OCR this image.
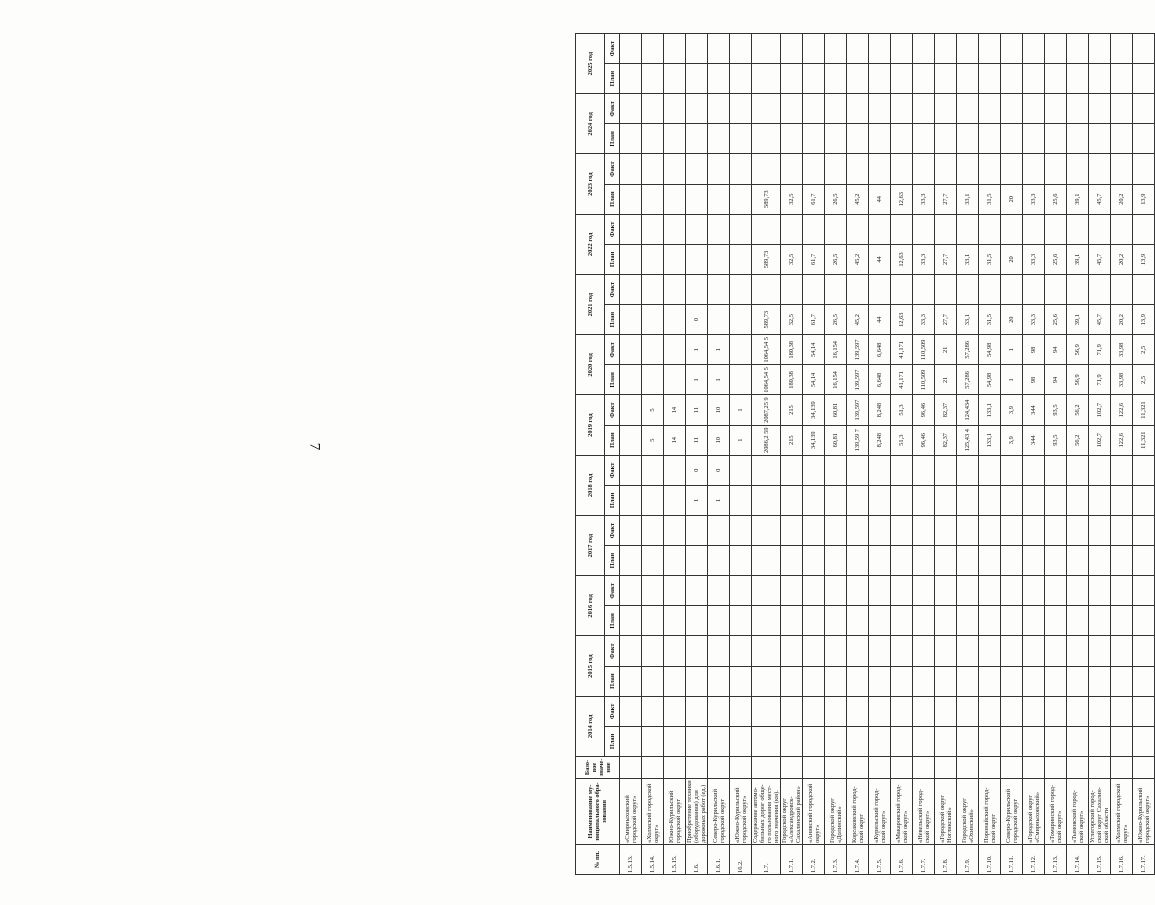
7
№ пп.	Наименование му-ниципального обра-зования	Базо-вое значе-ние	2014 год		2015 год		2016 год		2017 год		2018 год		2019 год		2020 год		2021 год		2022 год		2023 год		2024 год		2025 год	
			План	Факт	План	Факт	План	Факт	План	Факт	План	Факт	План	Факт	План	Факт	План	Факт	План	Факт	План	Факт	План	Факт	План	Факт
1.5.13.	«Смирныховский городской округ»																									
1.5.14.	«Холмский городской округ»												5	5												
1.5.15.	Южно-Курильский городской округ												14	14												
1.6.	Приобретение техники (оборудования) для дорожных работ (ед.)										1	0	11	11	1	1	0									
1.6.1.	Северо-Курильский городской округ										1	0	10	10	1	1										
16.2.	«Южно-Курильский городской округ»												1	1												
1.7.	Содержание автомо-бильных дорог обще-го пользования мест-ного значения (км).												2086,2 59	2087,25 9	1064,54 5	1064,54 5	589,73		589,73		589,73					
1.7.1.	Городской округ «Александровск-Сахалинский район»												215	215	180,38	180,38	32,5		32,5		32,5					
1.7.2.	«Анивский городской округ»												34,139	34,139	54,14	54,14	61,7		61,7		61,7					
1.7.3.	Городской округ «Долинский»												60,81	60,81	16,154	16,154	26,5		26,5		26,5					
1.7.4.	Корсаковский город-ской округ												139,59 7	139,597	139,597	139,597	45,2		45,2		45,2					
1.7.5.	«Курильский город-ской округ»												8,248	8,248	6,648	6,648	44		44		44					
1.7.6.	«Макаровский город-ской округ»												51,3	51,3	41,171	41,171	12,63		12,63		12,63					
1.7.7.	«Невельский город-ской округ»												96,46	96,46	110,509	110,509	33,3		33,3		33,3					
1.7.8.	«Городской округ Ногликский»												82,37	82,37	21	21	27,7		27,7		27,7					
1.7.9.	Городской округ «Охинский»												125,43 4	124,434	57,286	57,286	33,1		33,1		33,1					
1.7.10.	Поронайский город-ской округ												133,1	133,1	54,98	54,98	31,5		31,5		31,5					
1.7.11.	Северо-Курильский городской округ												3,9	3,9	1	1	20		20		20					
1.7.12.	«Городской округ «Смирныховский»												344	344	98	98	33,3		33,3		33,3					
1.7.13.	«Томаринский город-ской округ»												93,5	93,5	94	94	25,6		25,6		25,6					
1.7.14.	«Тымовский город-ской округ»												56,2	56,2	56,9	56,9	39,1		39,1		39,1					
1.7.15.	Углегорский город-ской округ Сахалин-ской области												102,7	102,7	71,9	71,9	45,7		45,7		45,7					
1.7.16.	«Холмский городской округ»												122,6	122,6	33,98	33,98	20,2		20,2		20,2					
1.7.17.	«Южно-Курильский городской округ»												11,321	11,321	2,5	2,5	13,9		13,9		13,9					
